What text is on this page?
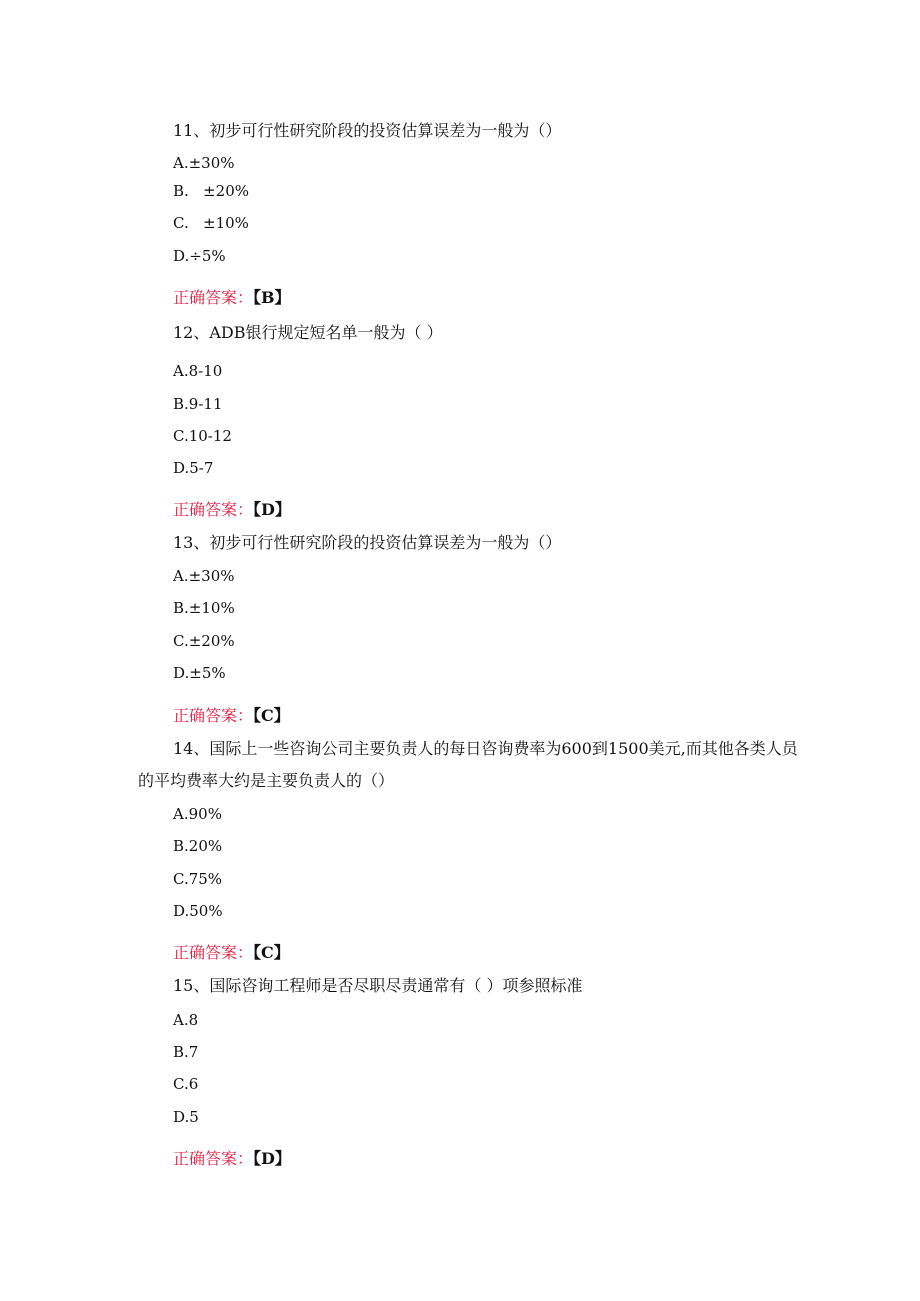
11、初步可行性研究阶段的投资估算误差为一般为（）
A.±30%
B.   ±20%
C.   ±10%
D.÷5%
正确答案：【B】
12、ADB银行规定短名单一般为（ ）
A.8-10
B.9-11
C.10-12
D.5-7
正确答案：【D】
13、初步可行性研究阶段的投资估算误差为一般为（）
A.±30%
B.±10%
C.±20%
D.±5%
正确答案：【C】
14、国际上一些咨询公司主要负责人的每日咨询费率为600到1500美元,而其他各类人员的平均费率大约是主要负责人的（）
A.90%
B.20%
C.75%
D.50%
正确答案：【C】
15、国际咨询工程师是否尽职尽责通常有（ ）项参照标准
A.8
B.7
C.6
D.5
正确答案：【D】
